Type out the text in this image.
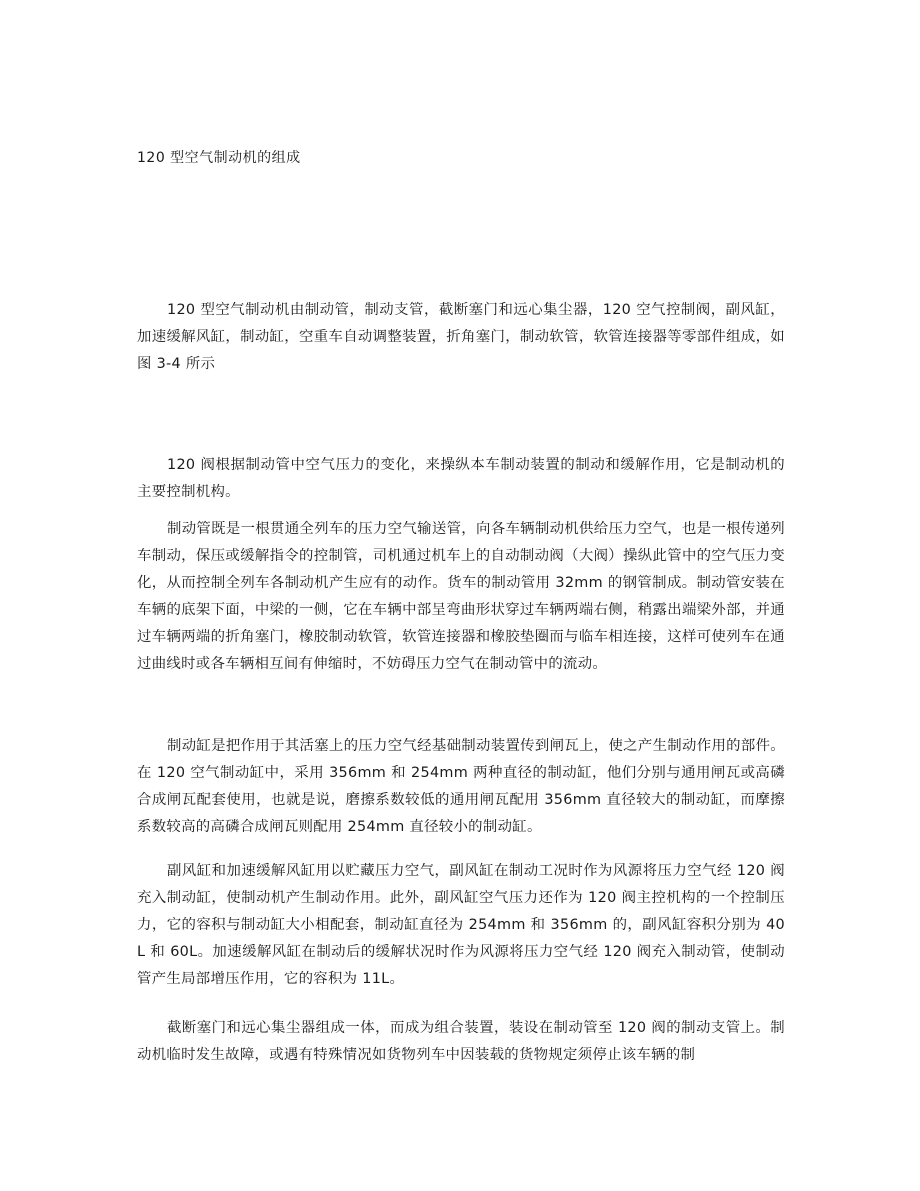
120 型空气制动机的组成

120 型空气制动机由制动管，制动支管，截断塞门和远心集尘器，120 空气控制阀，副风缸，加速缓解风缸，制动缸，空重车自动调整装置，折角塞门，制动软管，软管连接器等零部件组成，如图 3-4 所示

120 阀根据制动管中空气压力的变化，来操纵本车制动装置的制动和缓解作用，它是制动机的主要控制机构。

制动管既是一根贯通全列车的压力空气输送管，向各车辆制动机供给压力空气，也是一根传递列车制动，保压或缓解指令的控制管，司机通过机车上的自动制动阀（大阀）操纵此管中的空气压力变化，从而控制全列车各制动机产生应有的动作。货车的制动管用 32mm 的钢管制成。制动管安装在车辆的底架下面，中梁的一侧，它在车辆中部呈弯曲形状穿过车辆两端右侧，稍露出端梁外部，并通过车辆两端的折角塞门，橡胶制动软管，软管连接器和橡胶垫圈而与临车相连接，这样可使列车在通过曲线时或各车辆相互间有伸缩时，不妨碍压力空气在制动管中的流动。

制动缸是把作用于其活塞上的压力空气经基础制动装置传到闸瓦上，使之产生制动作用的部件。在 120 空气制动缸中，采用 356mm 和 254mm 两种直径的制动缸，他们分别与通用闸瓦或高磷合成闸瓦配套使用，也就是说，磨擦系数较低的通用闸瓦配用 356mm 直径较大的制动缸，而摩擦系数较高的高磷合成闸瓦则配用 254mm 直径较小的制动缸。

副风缸和加速缓解风缸用以贮藏压力空气，副风缸在制动工况时作为风源将压力空气经 120 阀充入制动缸，使制动机产生制动作用。此外，副风缸空气压力还作为 120 阀主控机构的一个控制压力，它的容积与制动缸大小相配套，制动缸直径为 254mm 和 356mm 的，副风缸容积分别为 40L 和 60L。加速缓解风缸在制动后的缓解状况时作为风源将压力空气经 120 阀充入制动管，使制动管产生局部增压作用，它的容积为 11L。

截断塞门和远心集尘器组成一体，而成为组合装置，装设在制动管至 120 阀的制动支管上。制动机临时发生故障，或遇有特殊情况如货物列车中因装载的货物规定须停止该车辆的制
